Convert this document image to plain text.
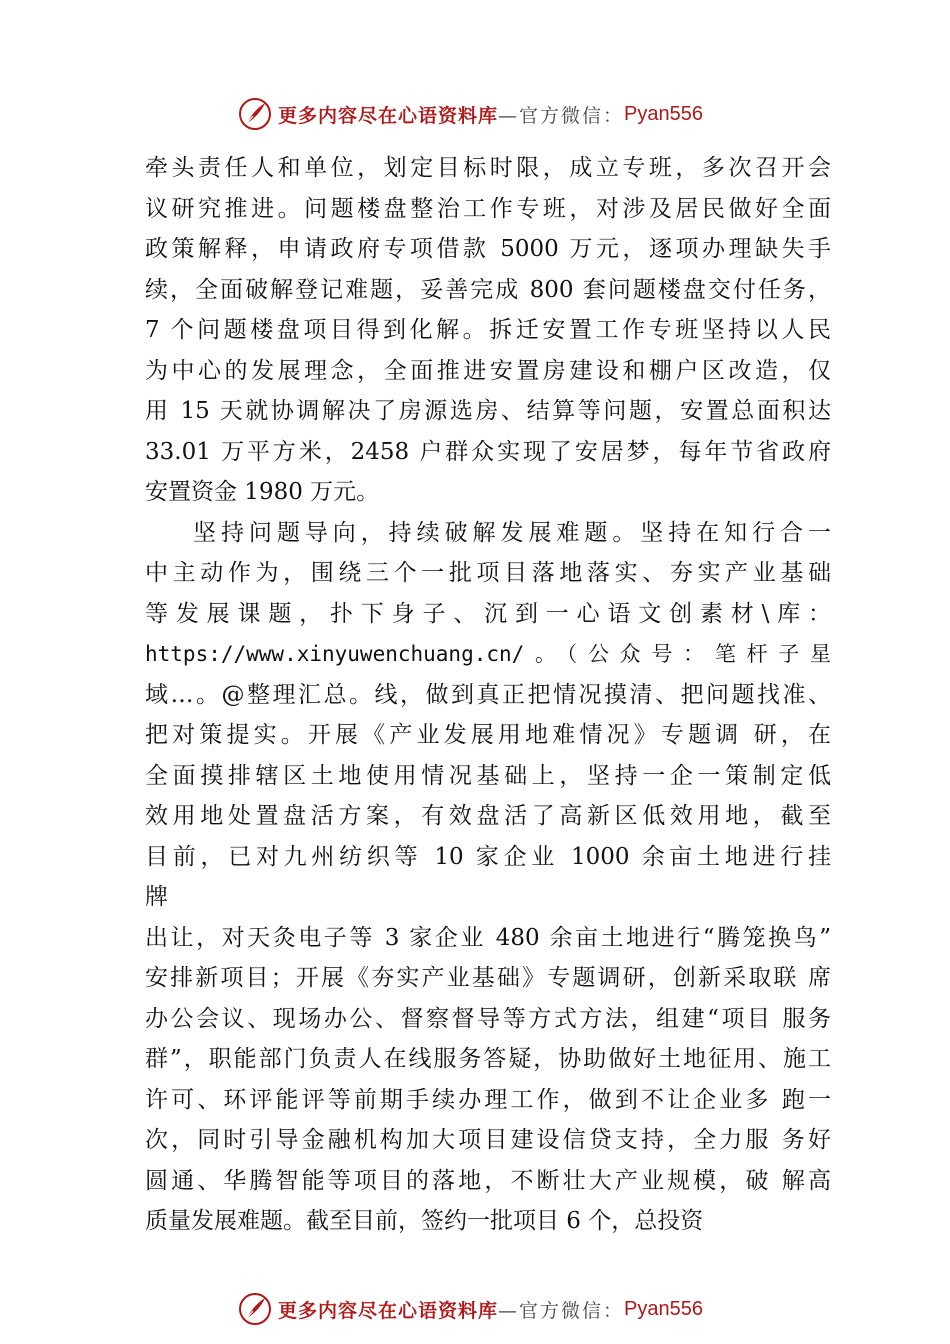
更多内容尽在心语资料库 —官方微信： Pyan556
牵头责任人和单位，划定目标时限，成立专班，多次召开会
议研究推进。问题楼盘整治工作专班，对涉及居民做好全面
政策解释，申请政府专项借款 5000 万元，逐项办理缺失手
续，全面破解登记难题，妥善完成 800 套问题楼盘交付任务，
7 个问题楼盘项目得到化解。拆迁安置工作专班坚持以人民
为中心的发展理念，全面推进安置房建设和棚户区改造，仅
用 15 天就协调解决了房源选房、结算等问题，安置总面积达
33.01 万平方米，2458 户群众实现了安居梦，每年节省政府
安置资金 1980 万元。
坚持问题导向，持续破解发展难题。坚持在知行合一
中主动作为，围绕三个一批项目落地落实、夯实产业基础
等发展课题，扑下身子、沉到一心语文创素材\库：
https://www.xinyuwenchuang.cn/。（公众号：笔杆子星
域…。@整理汇总。线，做到真正把情况摸清、把问题找准、
把对策提实。开展《产业发展用地难情况》专题调 研，在
全面摸排辖区土地使用情况基础上，坚持一企一策制定低
效用地处置盘活方案，有效盘活了高新区低效用地，截至
目前，已对九州纺织等 10 家企业 1000 余亩土地进行挂
牌
出让，对天灸电子等 3 家企业 480 余亩土地进行“腾笼换鸟”
安排新项目；开展《夯实产业基础》专题调研，创新采取联 席
办公会议、现场办公、督察督导等方式方法，组建“项目 服务
群”，职能部门负责人在线服务答疑，协助做好土地征用、施工
许可、环评能评等前期手续办理工作，做到不让企业多 跑一
次，同时引导金融机构加大项目建设信贷支持，全力服 务好
圆通、华腾智能等项目的落地，不断壮大产业规模，破 解高
质量发展难题。截至目前，签约一批项目 6 个，总投资
更多内容尽在心语资料库 —官方微信： Pyan556
